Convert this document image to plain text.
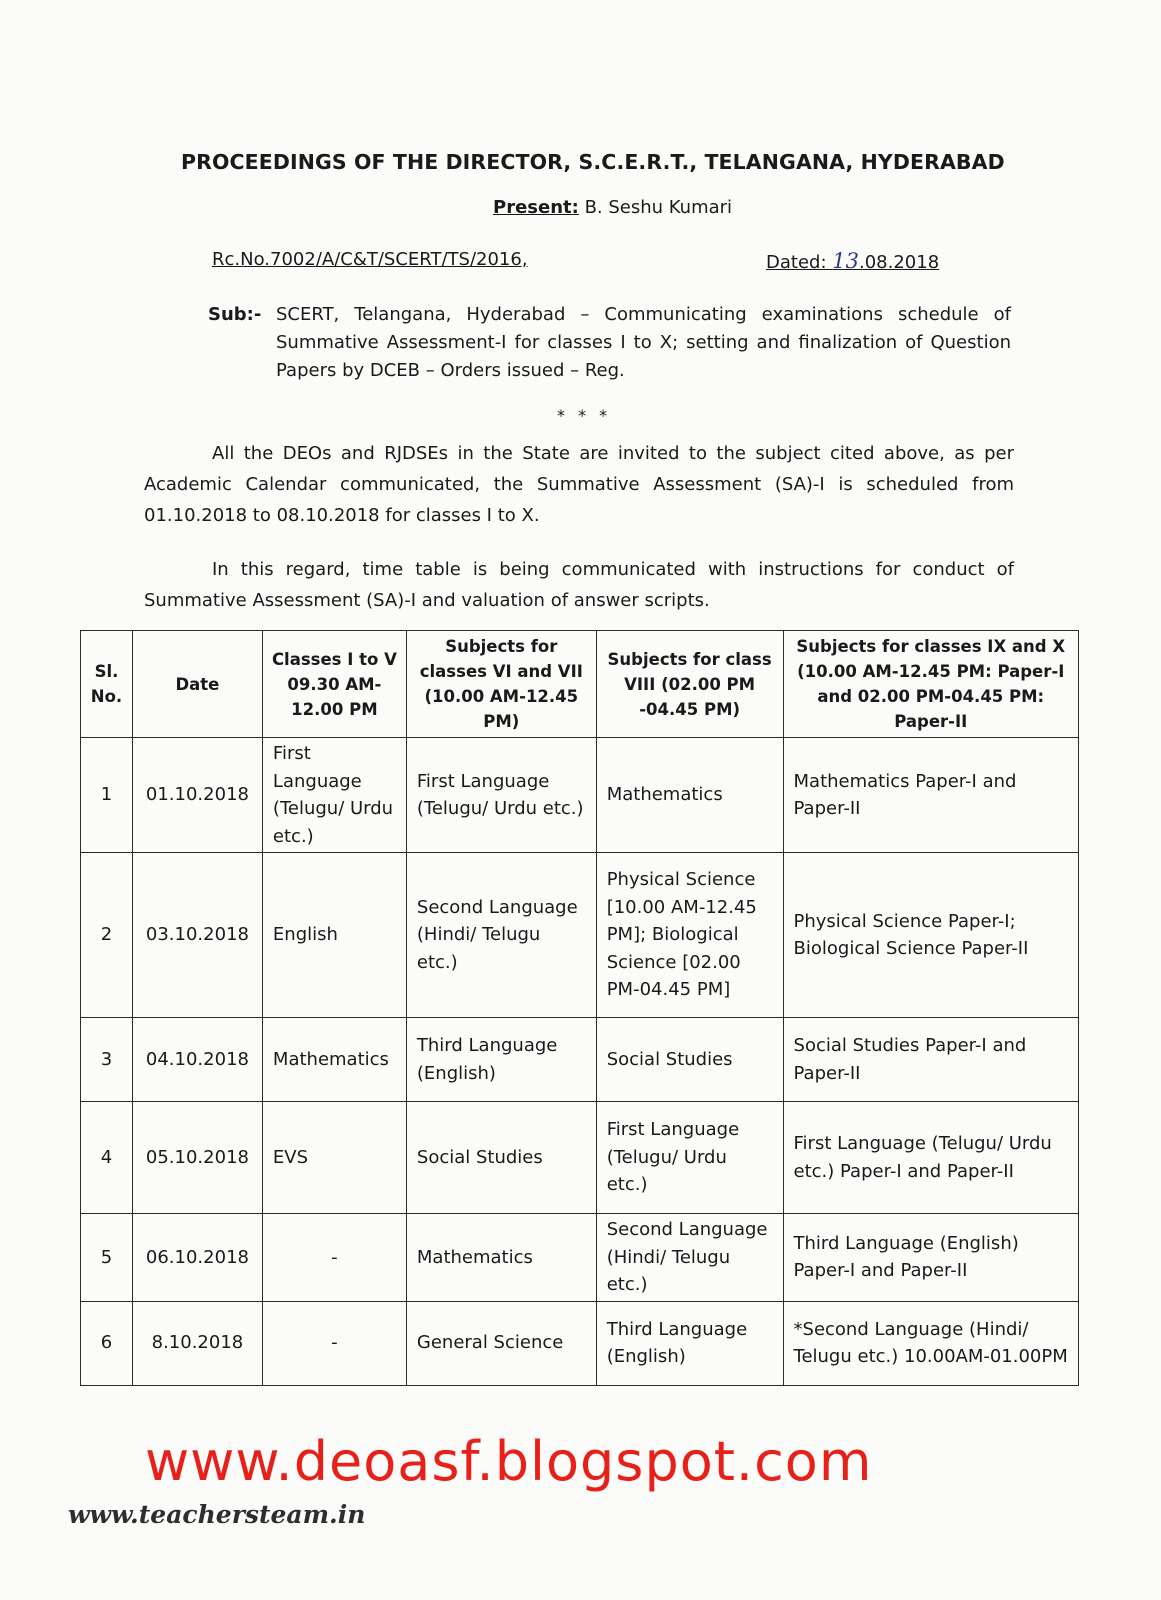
PROCEEDINGS OF THE DIRECTOR, S.C.E.R.T., TELANGANA, HYDERABAD
Present: B. Seshu Kumari
Rc.No.7002/A/C&T/SCERT/TS/2016,	Dated: 13.08.2018
Sub:- SCERT, Telangana, Hyderabad – Communicating examinations schedule of Summative Assessment-I for classes I to X; setting and finalization of Question Papers by DCEB – Orders issued – Reg.
* * *
All the DEOs and RJDSEs in the State are invited to the subject cited above, as per Academic Calendar communicated, the Summative Assessment (SA)-I is scheduled from 01.10.2018 to 08.10.2018 for classes I to X.
In this regard, time table is being communicated with instructions for conduct of Summative Assessment (SA)-I and valuation of answer scripts.
Sl. No.	Date	Classes I to V 09.30 AM-12.00 PM	Subjects for classes VI and VII (10.00 AM-12.45 PM)	Subjects for class VIII (02.00 PM -04.45 PM)	Subjects for classes IX and X (10.00 AM-12.45 PM: Paper-I and 02.00 PM-04.45 PM: Paper-II
1	01.10.2018	First Language (Telugu/ Urdu etc.)	First Language (Telugu/ Urdu etc.)	Mathematics	Mathematics Paper-I and Paper-II
2	03.10.2018	English	Second Language (Hindi/ Telugu etc.)	Physical Science [10.00 AM-12.45 PM]; Biological Science [02.00 PM-04.45 PM]	Physical Science Paper-I; Biological Science Paper-II
3	04.10.2018	Mathematics	Third Language (English)	Social Studies	Social Studies Paper-I and Paper-II
4	05.10.2018	EVS	Social Studies	First Language (Telugu/ Urdu etc.)	First Language (Telugu/ Urdu etc.) Paper-I and Paper-II
5	06.10.2018	-	Mathematics	Second Language (Hindi/ Telugu etc.)	Third Language (English) Paper-I and Paper-II
6	8.10.2018	-	General Science	Third Language (English)	*Second Language (Hindi/ Telugu etc.) 10.00AM-01.00PM
www.deoasf.blogspot.com
www.teachersteam.in
